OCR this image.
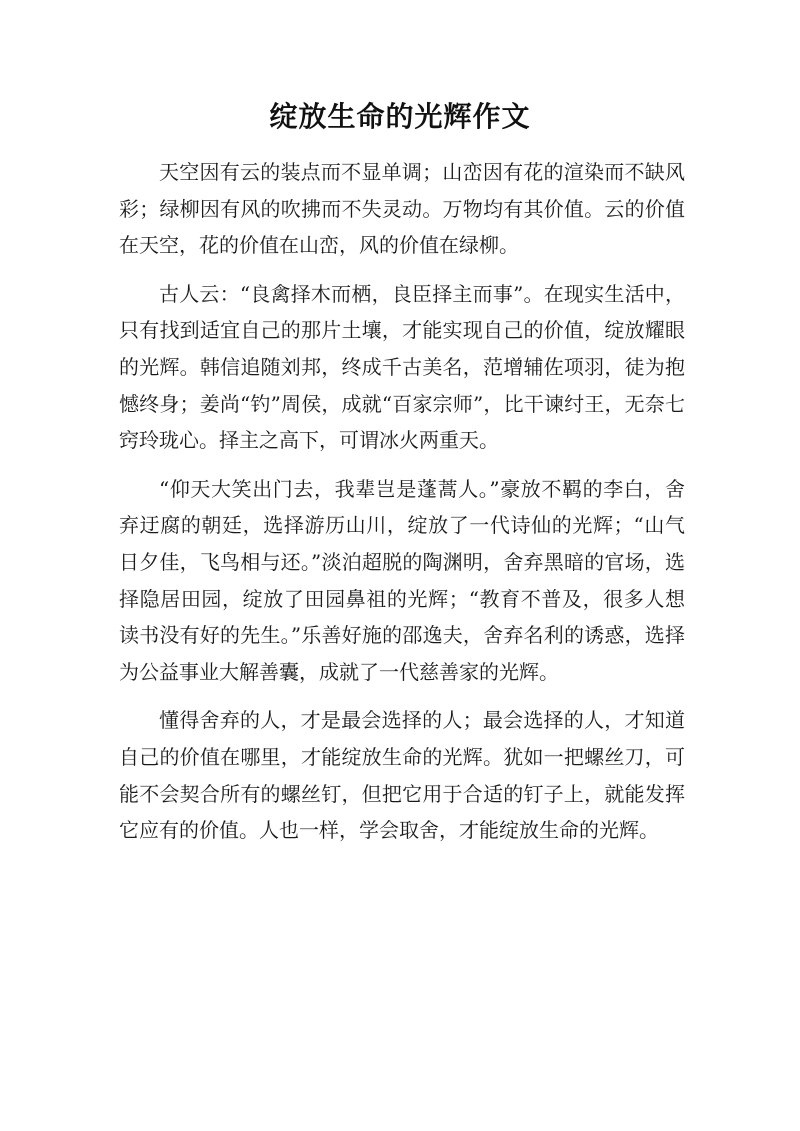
绽放生命的光辉作文

天空因有云的装点而不显单调；山峦因有花的渲染而不缺风彩；绿柳因有风的吹拂而不失灵动。万物均有其价值。云的价值在天空，花的价值在山峦，风的价值在绿柳。

古人云：“良禽择木而栖，良臣择主而事”。在现实生活中，只有找到适宜自己的那片土壤，才能实现自己的价值，绽放耀眼的光辉。韩信追随刘邦，终成千古美名，范增辅佐项羽，徒为抱憾终身；姜尚“钓”周侯，成就“百家宗师”，比干谏纣王，无奈七窍玲珑心。择主之高下，可谓冰火两重天。

“仰天大笑出门去，我辈岂是蓬蒿人。”豪放不羁的李白，舍弃迂腐的朝廷，选择游历山川，绽放了一代诗仙的光辉；“山气日夕佳，飞鸟相与还。”淡泊超脱的陶渊明，舍弃黑暗的官场，选择隐居田园，绽放了田园鼻祖的光辉；“教育不普及，很多人想读书没有好的先生。”乐善好施的邵逸夫，舍弃名利的诱惑，选择为公益事业大解善囊，成就了一代慈善家的光辉。

懂得舍弃的人，才是最会选择的人；最会选择的人，才知道自己的价值在哪里，才能绽放生命的光辉。犹如一把螺丝刀，可能不会契合所有的螺丝钉，但把它用于合适的钉子上，就能发挥它应有的价值。人也一样，学会取舍，才能绽放生命的光辉。
